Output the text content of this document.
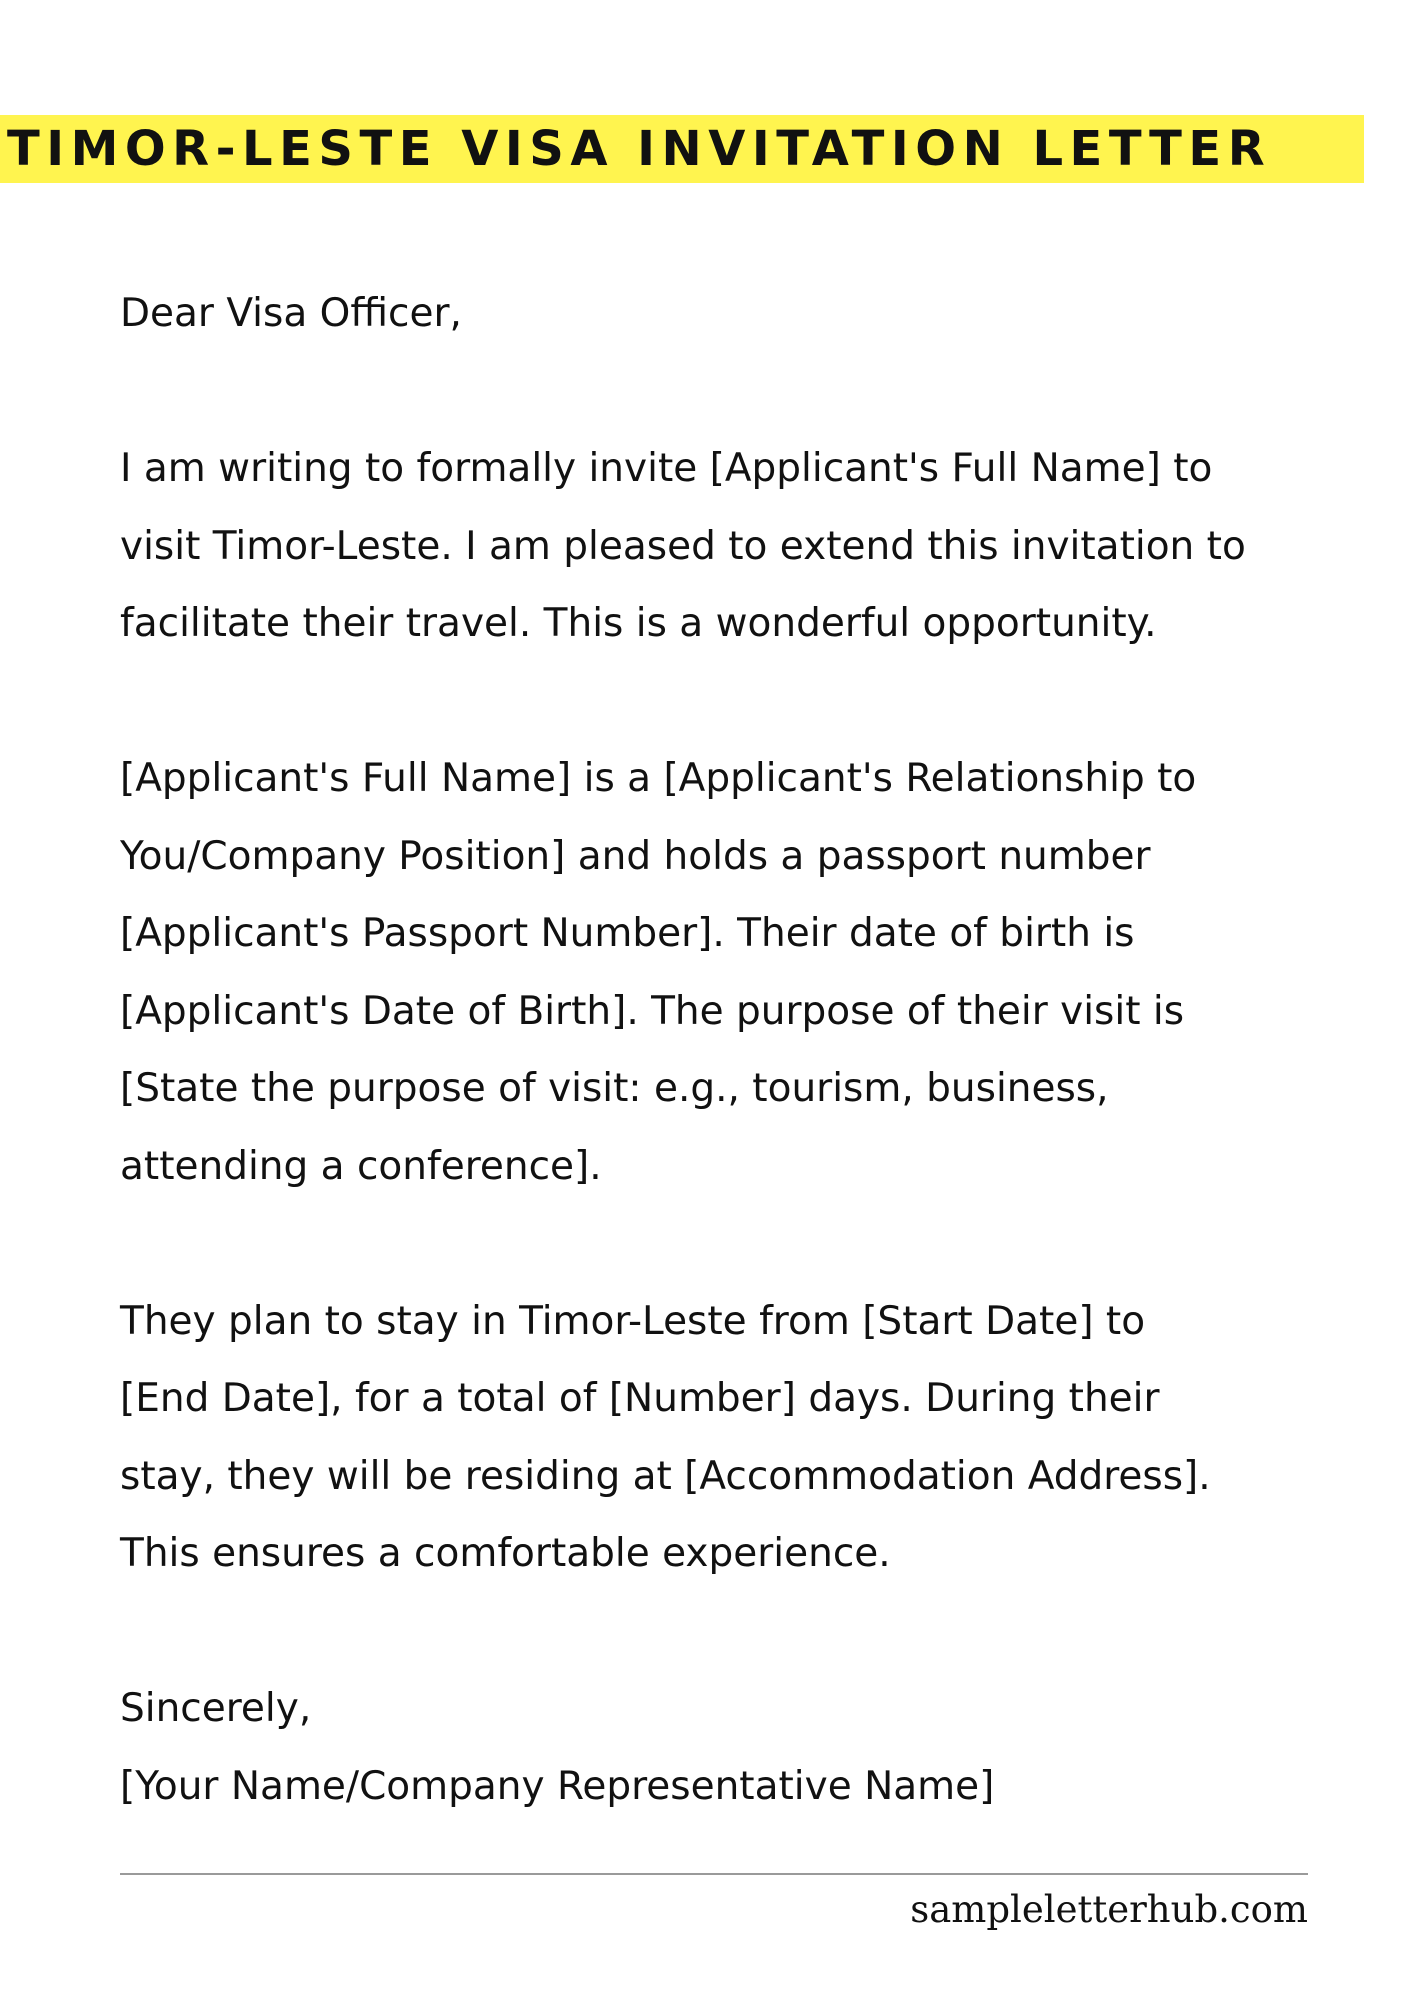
TIMOR-LESTE VISA INVITATION LETTER

Dear Visa Officer,

I am writing to formally invite [Applicant's Full Name] to
visit Timor-Leste. I am pleased to extend this invitation to
facilitate their travel. This is a wonderful opportunity.

[Applicant's Full Name] is a [Applicant's Relationship to
You/Company Position] and holds a passport number
[Applicant's Passport Number]. Their date of birth is
[Applicant's Date of Birth]. The purpose of their visit is
[State the purpose of visit: e.g., tourism, business,
attending a conference].

They plan to stay in Timor-Leste from [Start Date] to
[End Date], for a total of [Number] days. During their
stay, they will be residing at [Accommodation Address].
This ensures a comfortable experience.

Sincerely,
[Your Name/Company Representative Name]
sampleletterhub.com
